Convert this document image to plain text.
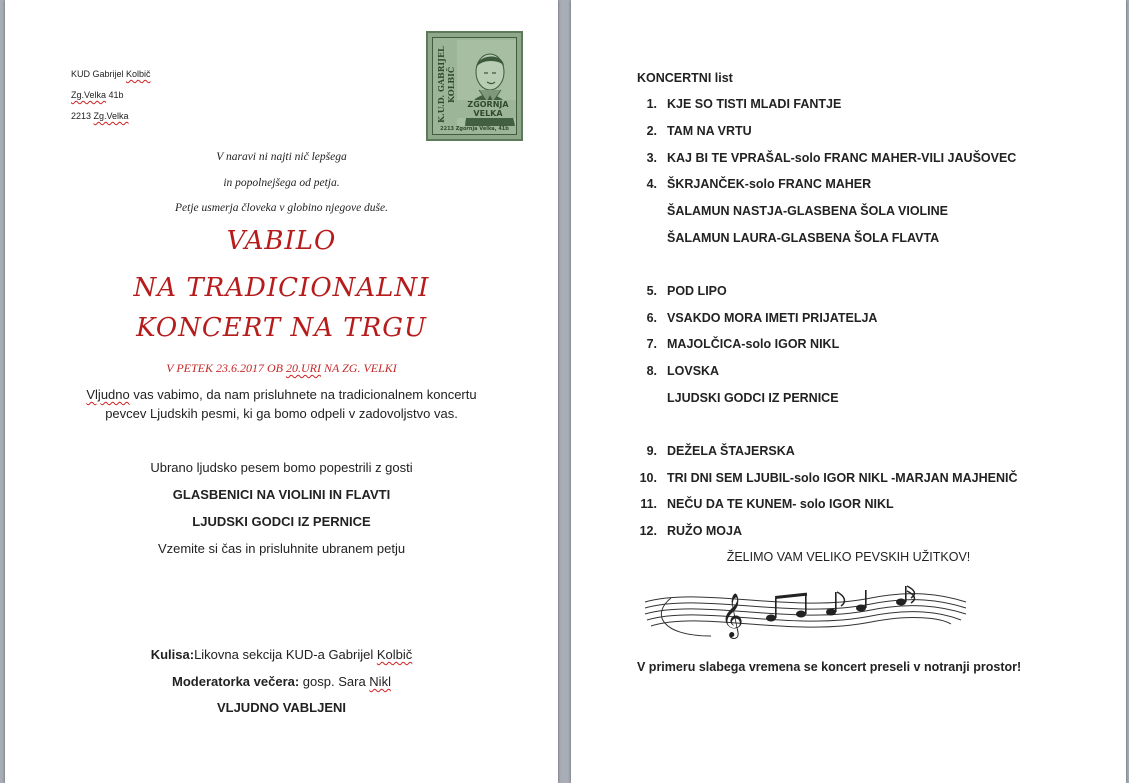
KUD Gabrijel Kolbič
Zg.Velka 41b
2213 Zg.Velka	K.U.D. GABRIJEL KOLBIČ
ZGORNJA VELKA
2213 Zgornja Velka, 41b
V naravi ni najti nič lepšega
in popolnejšega od petja.
Petje usmerja človeka v globino njegove duše.
VABILO
NA TRADICIONALNI
KONCERT NA TRGU
V PETEK 23.6.2017 OB 20.URI NA ZG. VELKI
Vljudno vas vabimo, da nam prisluhnete na tradicionalnem koncertu
pevcev Ljudskih pesmi, ki ga bomo odpeli v zadovoljstvo vas.
Ubrano ljudsko pesem bomo popestrili z gosti
GLASBENICI NA VIOLINI IN FLAVTI
LJUDSKI GODCI IZ PERNICE
Vzemite si čas in prisluhnite ubranem petju
Kulisa:Likovna sekcija KUD-a Gabrijel Kolbič
Moderatorka večera: gosp. Sara Nikl
VLJUDNO VABLJENI
KONCERTNI list
1. KJE SO TISTI MLADI FANTJE
2. TAM NA VRTU
3. KAJ BI TE VPRAŠAL-solo FRANC MAHER-VILI JAUŠOVEC
4. ŠKRJANČEK-solo FRANC MAHER
ŠALAMUN NASTJA-GLASBENA ŠOLA VIOLINE
ŠALAMUN LAURA-GLASBENA ŠOLA FLAVTA
5. POD LIPO
6. VSAKDO MORA IMETI PRIJATELJA
7. MAJOLČICA-solo IGOR NIKL
8. LOVSKA
LJUDSKI GODCI IZ PERNICE
9. DEŽELA ŠTAJERSKA
10. TRI DNI SEM LJUBIL-solo IGOR NIKL -MARJAN MAJHENIČ
11. NEČU DA TE KUNEM- solo IGOR NIKL
12. RUŽO MOJA
ŽELIMO VAM VELIKO PEVSKIH UŽITKOV!
𝄞
V primeru slabega vremena se koncert preseli v notranji prostor!
